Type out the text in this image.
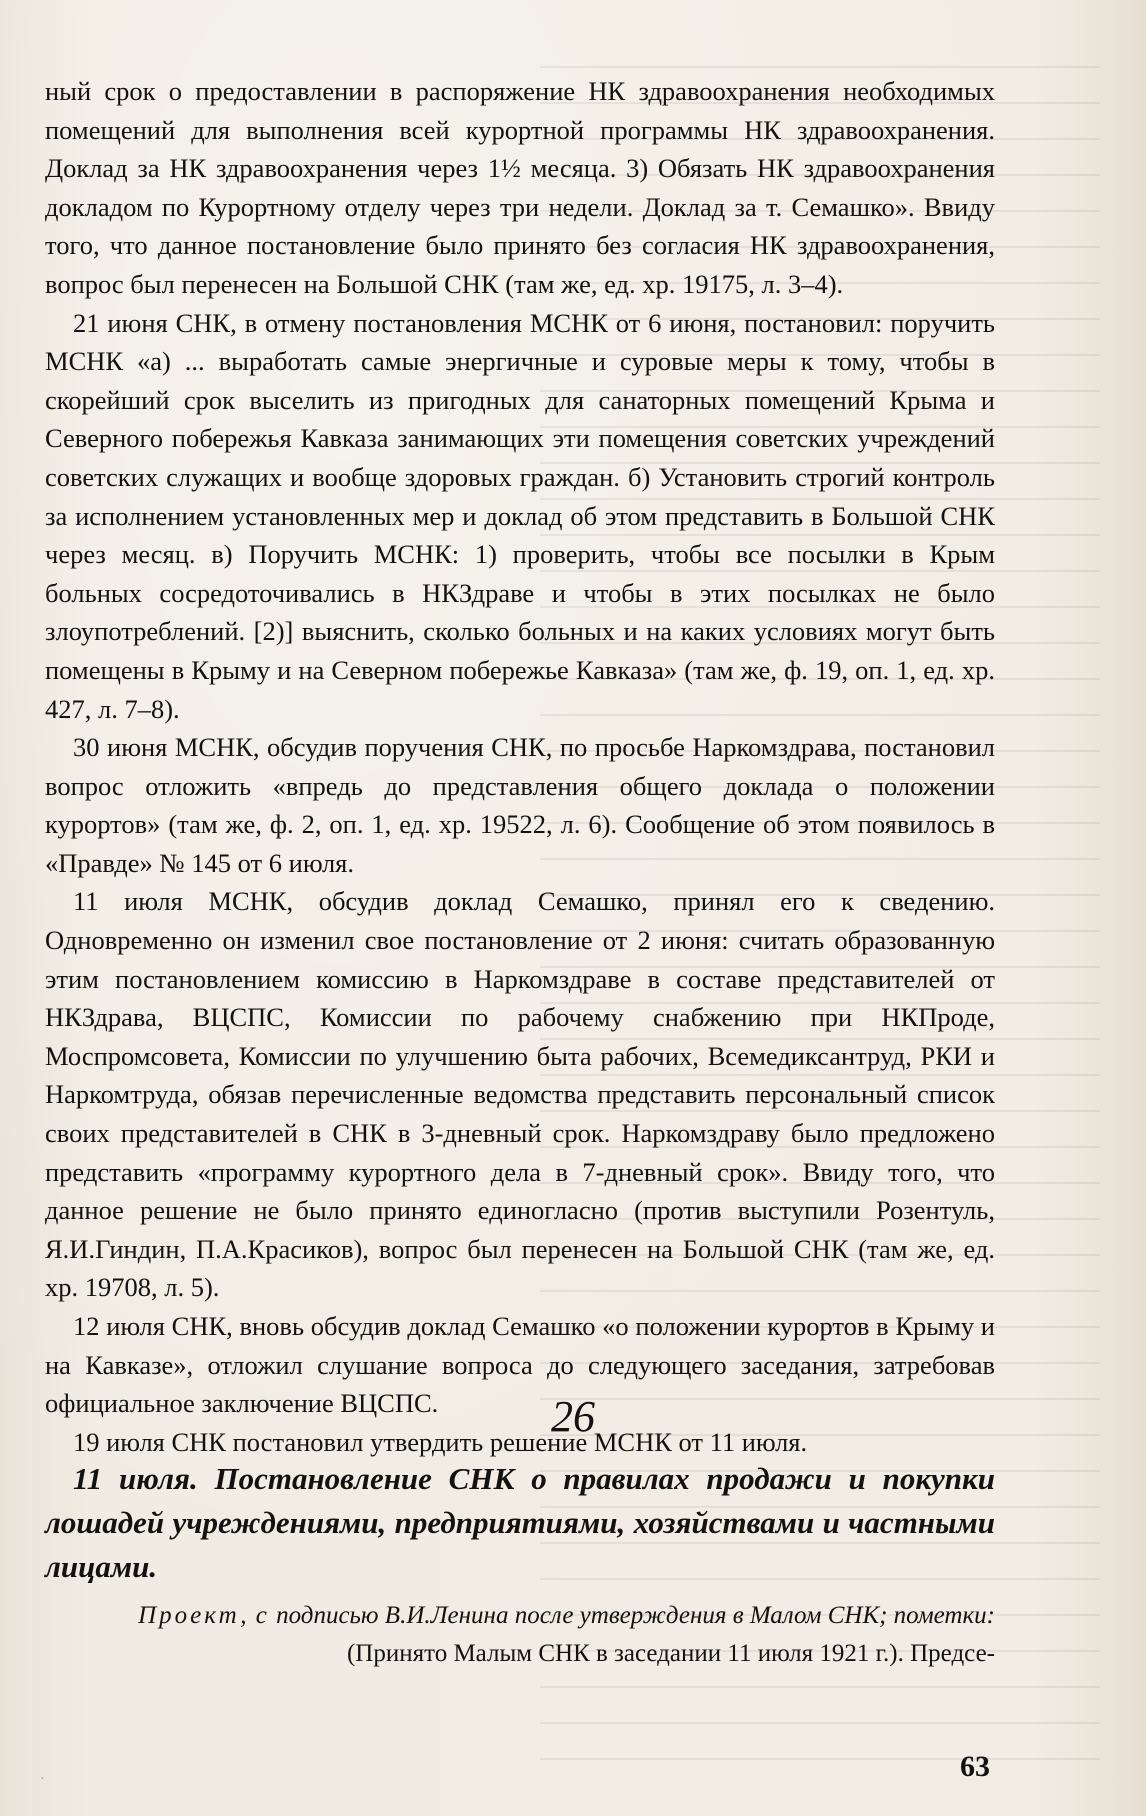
ный срок о предоставлении в распоряжение НК здравоохранения необходимых помещений для выполнения всей курортной программы НК здравоохранения. Доклад за НК здравоохранения через 1½ месяца. 3) Обязать НК здравоохранения докладом по Курортному отделу через три недели. Доклад за т. Семашко». Ввиду того, что данное постановление было принято без согласия НК здравоохранения, вопрос был перенесен на Большой СНК (там же, ед. хр. 19175, л. 3–4).

21 июня СНК, в отмену постановления МСНК от 6 июня, постановил: поручить МСНК «а) ... выработать самые энергичные и суровые меры к тому, чтобы в скорейший срок выселить из пригодных для санаторных помещений Крыма и Северного побережья Кавказа занимающих эти помещения советских учреждений советских служащих и вообще здоровых граждан. б) Установить строгий контроль за исполнением установленных мер и доклад об этом представить в Большой СНК через месяц. в) Поручить МСНК: 1) проверить, чтобы все посылки в Крым больных сосредоточивались в НКЗдраве и чтобы в этих посылках не было злоупотреблений. [2)] выяснить, сколько больных и на каких условиях могут быть помещены в Крыму и на Северном побережье Кавказа» (там же, ф. 19, оп. 1, ед. хр. 427, л. 7–8).

30 июня МСНК, обсудив поручения СНК, по просьбе Наркомздрава, постановил вопрос отложить «впредь до представления общего доклада о положении курортов» (там же, ф. 2, оп. 1, ед. хр. 19522, л. 6). Сообщение об этом появилось в «Правде» № 145 от 6 июля.

11 июля МСНК, обсудив доклад Семашко, принял его к сведению. Одновременно он изменил свое постановление от 2 июня: считать образованную этим постановлением комиссию в Наркомздраве в составе представителей от НКЗдрава, ВЦСПС, Комиссии по рабочему снабжению при НКПроде, Моспромсовета, Комиссии по улучшению быта рабочих, Всемедиксантруд, РКИ и Наркомтруда, обязав перечисленные ведомства представить персональный список своих представителей в СНК в 3-дневный срок. Наркомздраву было предложено представить «программу курортного дела в 7-дневный срок». Ввиду того, что данное решение не было принято единогласно (против выступили Розентуль, Я.И.Гиндин, П.А.Красиков), вопрос был перенесен на Большой СНК (там же, ед. хр. 19708, л. 5).

12 июля СНК, вновь обсудив доклад Семашко «о положении курортов в Крыму и на Кавказе», отложил слушание вопроса до следующего заседания, затребовав официальное заключение ВЦСПС.

19 июля СНК постановил утвердить решение МСНК от 11 июля.

26

11 июля. Постановление СНК о правилах продажи и покупки лошадей учреждениями, предприятиями, хозяйствами и частными лицами.

Проект, с подписью В.И.Ленина после утверждения в Малом СНК; пометки: (Принято Малым СНК в заседании 11 июля 1921 г.). Предсе-

63
·
